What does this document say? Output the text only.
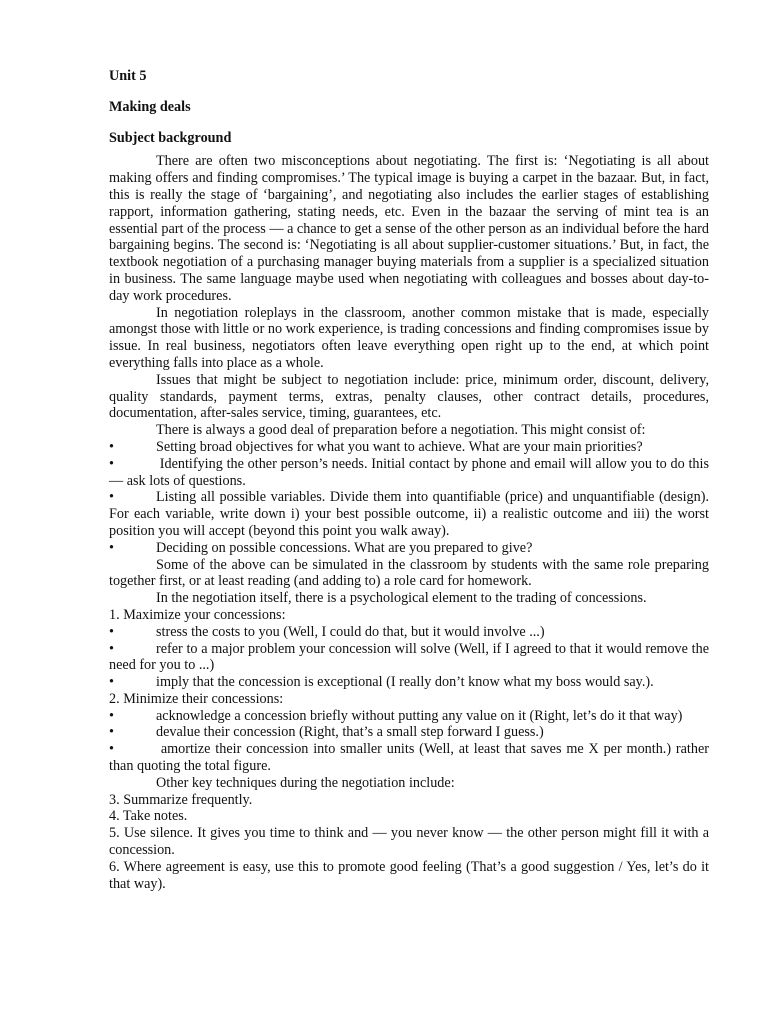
Unit 5
Making deals
Subject background

There are often two misconceptions about negotiating. The first is: ‘Negotiating is all about making offers and finding compromises.’ The typical image is buying a carpet in the bazaar. But, in fact, this is really the stage of ‘bargaining’, and negotiating also includes the earlier stages of establishing rapport, information gathering, stating needs, etc. Even in the bazaar the serving of mint tea is an essential part of the process — a chance to get a sense of the other person as an individual before the hard bargaining begins. The second is: ‘Negotiating is all about supplier-customer situations.’ But, in fact, the textbook negotiation of a purchasing manager buying materials from a supplier is a specialized situation in business. The same language maybe used when negotiating with colleagues and bosses about day-to-day work procedures.

In negotiation roleplays in the classroom, another common mistake that is made, especially amongst those with little or no work experience, is trading concessions and finding compromises issue by issue. In real business, negotiators often leave everything open right up to the end, at which point everything falls into place as a whole.

Issues that might be subject to negotiation include: price, minimum order, discount, delivery, quality standards, payment terms, extras, penalty clauses, other contract details, procedures, documentation, after-sales service, timing, guarantees, etc.

There is always a good deal of preparation before a negotiation. This might consist of:

•	Setting broad objectives for what you want to achieve. What are your main priorities?

•	Identifying the other person’s needs. Initial contact by phone and email will allow you to do this — ask lots of questions.

•	Listing all possible variables. Divide them into quantifiable (price) and unquantifiable (design). For each variable, write down i) your best possible outcome, ii) a realistic outcome and iii) the worst position you will accept (beyond this point you walk away).

•	Deciding on possible concessions. What are you prepared to give?

Some of the above can be simulated in the classroom by students with the same role preparing together first, or at least reading (and adding to) a role card for homework.

In the negotiation itself, there is a psychological element to the trading of concessions.

1. Maximize your concessions:

•	stress the costs to you (Well, I could do that, but it would involve ...)

•	refer to a major problem your concession will solve (Well, if I agreed to that it would remove the need for you to ...)

•	imply that the concession is exceptional (I really don’t know what my boss would say.).

2. Minimize their concessions:

•	acknowledge a concession briefly without putting any value on it (Right, let’s do it that way)

•	devalue their concession (Right, that’s a small step forward I guess.)

•	amortize their concession into smaller units (Well, at least that saves me X per month.) rather than quoting the total figure.

Other key techniques during the negotiation include:

3. Summarize frequently.

4. Take notes.

5. Use silence. It gives you time to think and — you never know — the other person might fill it with a concession.

6. Where agreement is easy, use this to promote good feeling (That’s a good suggestion / Yes, let’s do it that way).
